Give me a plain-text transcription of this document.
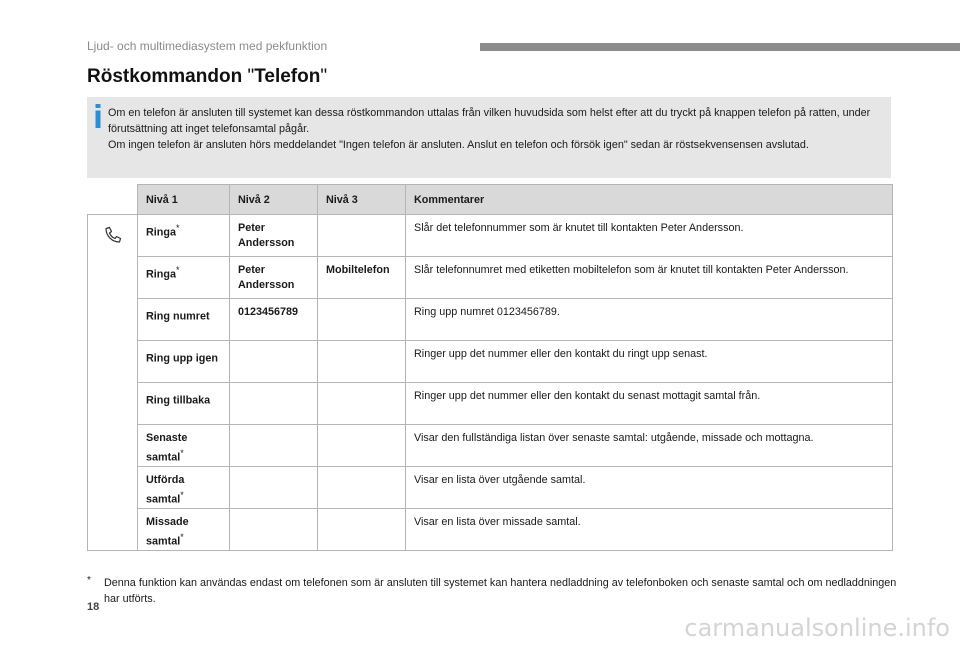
Ljud- och multimediasystem med pekfunktion
Röstkommandon "Telefon"

Om en telefon är ansluten till systemet kan dessa röstkommandon uttalas från vilken huvudsida som helst efter att du tryckt på knappen telefon på ratten, under förutsättning att inget telefonsamtal pågår.
Om ingen telefon är ansluten hörs meddelandet "Ingen telefon är ansluten. Anslut en telefon och försök igen" sedan är röstsekvensensen avslutad.

	Nivå 1	Nivå 2	Nivå 3	Kommentarer
	Ringa*	Peter Andersson		Slår det telefonnummer som är knutet till kontakten Peter Andersson.
	Ringa*	Peter Andersson	Mobiltelefon	Slår telefonnumret med etiketten mobiltelefon som är knutet till kontakten Peter Andersson.
	Ring numret	0123456789		Ring upp numret 0123456789.
	Ring upp igen			Ringer upp det nummer eller den kontakt du ringt upp senast.
	Ring tillbaka			Ringer upp det nummer eller den kontakt du senast mottagit samtal från.
	Senaste samtal*			Visar den fullständiga listan över senaste samtal: utgående, missade och mottagna.
	Utförda samtal*			Visar en lista över utgående samtal.
	Missade samtal*			Visar en lista över missade samtal.
* Denna funktion kan användas endast om telefonen som är ansluten till systemet kan hantera nedladdning av telefonboken och senaste samtal och om nedladdningen har utförts.

18
carmanualsonline.info
